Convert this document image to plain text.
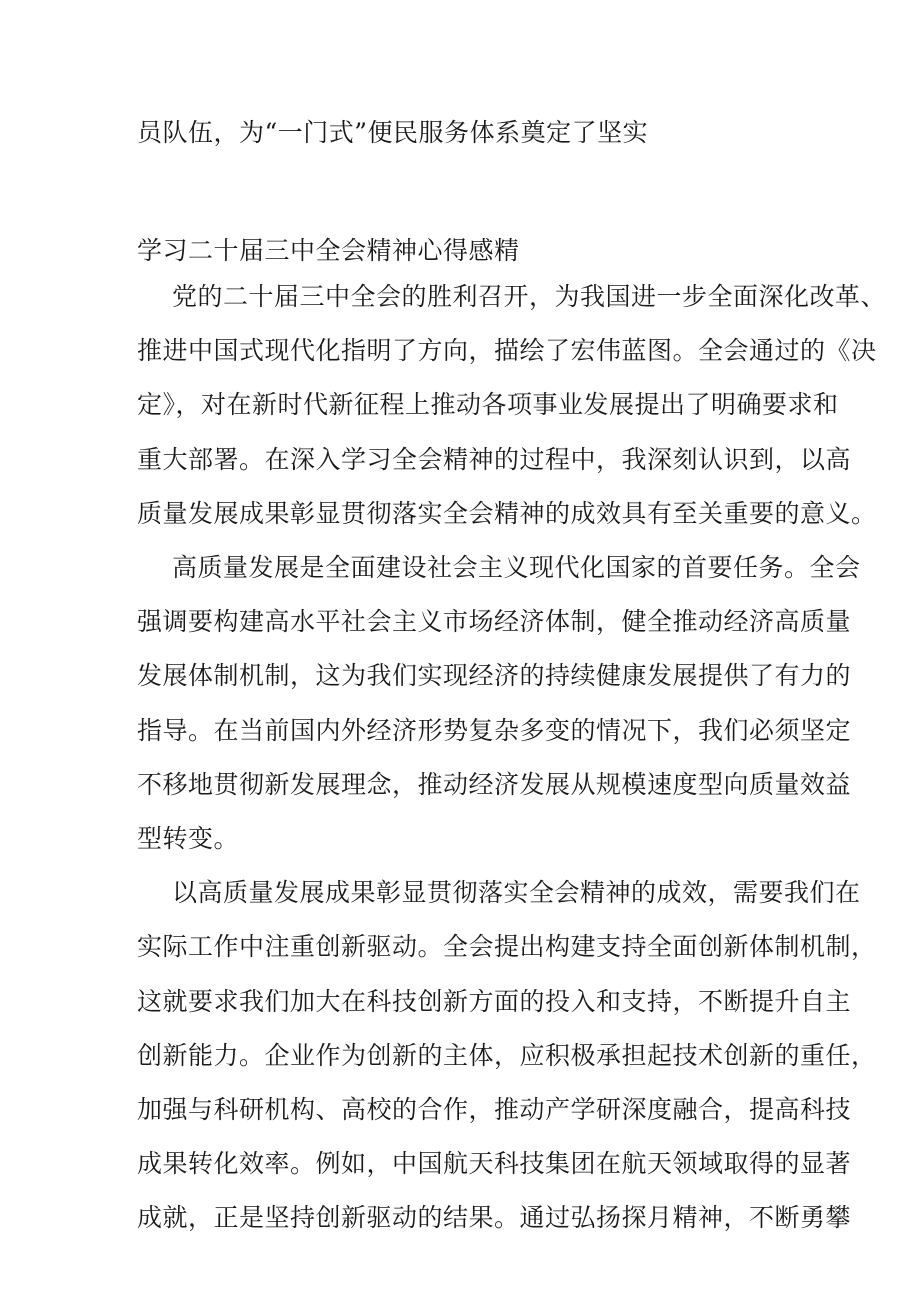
员队伍，为“一门式”便民服务体系奠定了坚实
学习二十届三中全会精神心得感精
党的二十届三中全会的胜利召开，为我国进一步全面深化改革、
推进中国式现代化指明了方向，描绘了宏伟蓝图。全会通过的《决
定》，对在新时代新征程上推动各项事业发展提出了明确要求和
重大部署。在深入学习全会精神的过程中，我深刻认识到，以高
质量发展成果彰显贯彻落实全会精神的成效具有至关重要的意义。
高质量发展是全面建设社会主义现代化国家的首要任务。全会
强调要构建高水平社会主义市场经济体制，健全推动经济高质量
发展体制机制，这为我们实现经济的持续健康发展提供了有力的
指导。在当前国内外经济形势复杂多变的情况下，我们必须坚定
不移地贯彻新发展理念，推动经济发展从规模速度型向质量效益
型转变。
以高质量发展成果彰显贯彻落实全会精神的成效，需要我们在
实际工作中注重创新驱动。全会提出构建支持全面创新体制机制，
这就要求我们加大在科技创新方面的投入和支持，不断提升自主
创新能力。企业作为创新的主体，应积极承担起技术创新的重任，
加强与科研机构、高校的合作，推动产学研深度融合，提高科技
成果转化效率。例如，中国航天科技集团在航天领域取得的显著
成就，正是坚持创新驱动的结果。通过弘扬探月精神，不断勇攀
